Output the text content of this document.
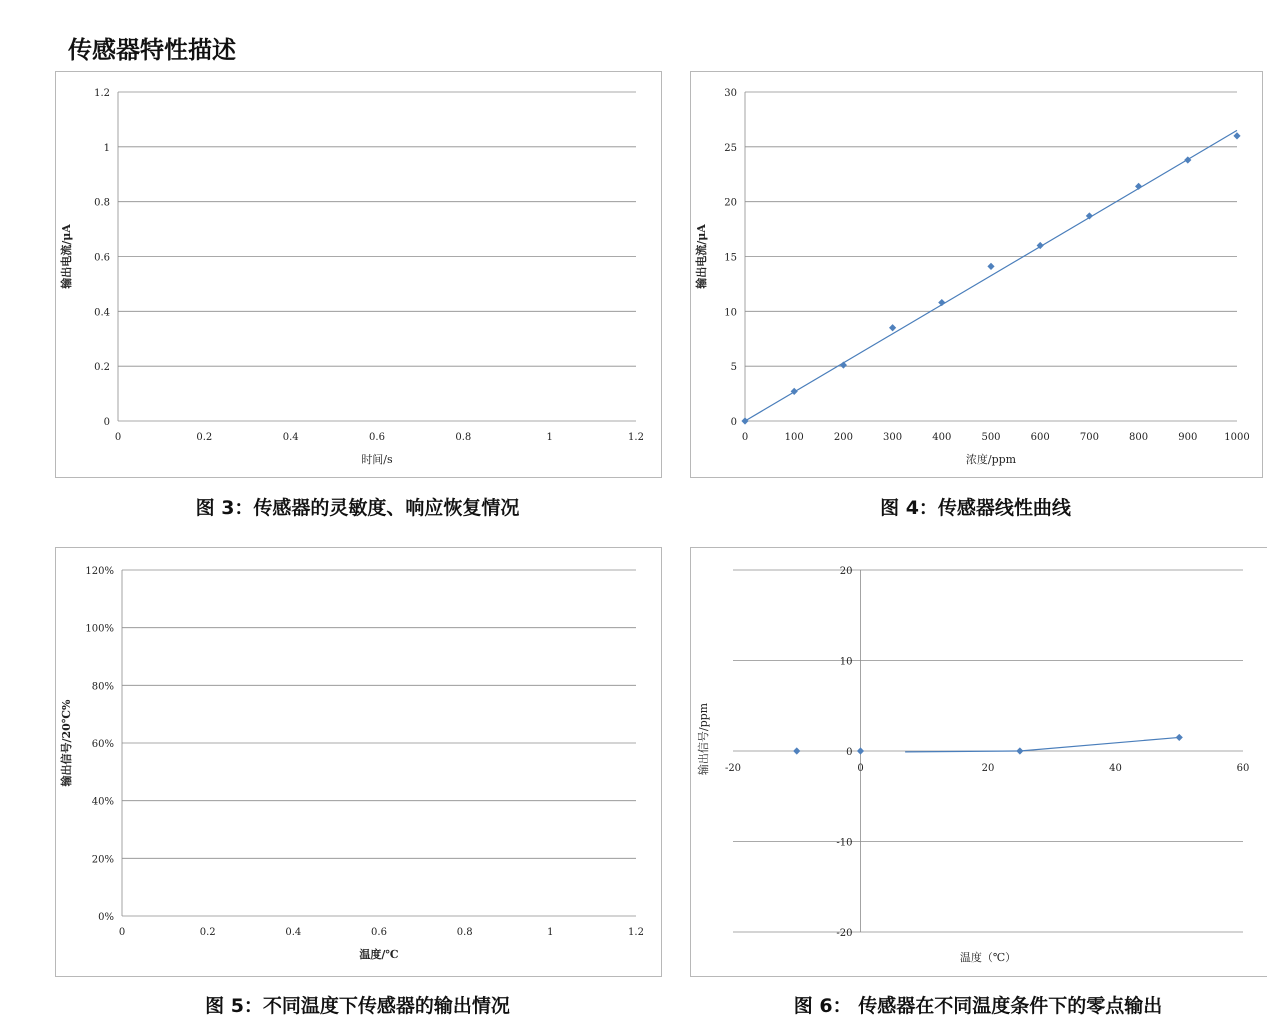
传感器特性描述
0
0.2
0.4
0.6
0.8
1
1.2
0	0.2	0.4	0.6	0.8	1	1.2
时间/s
输出电流/μA
图 3：传感器的灵敏度、响应恢复情况
0
5
10
15
20
25
30
0	100	200	300	400	500	600	700	800	900	1000
浓度/ppm
输出电流/μA
图 4：传感器线性曲线
0%
20%
40%
60%
80%
100%
120%
0	0.2	0.4	0.6	0.8	1	1.2
温度/℃
输出信号/20℃%
图 5：不同温度下传感器的输出情况
-20
-10
0
10
20
-20	0	20	40	60
温度（℃）
输出信号/ppm
图 6： 传感器在不同温度条件下的零点输出
